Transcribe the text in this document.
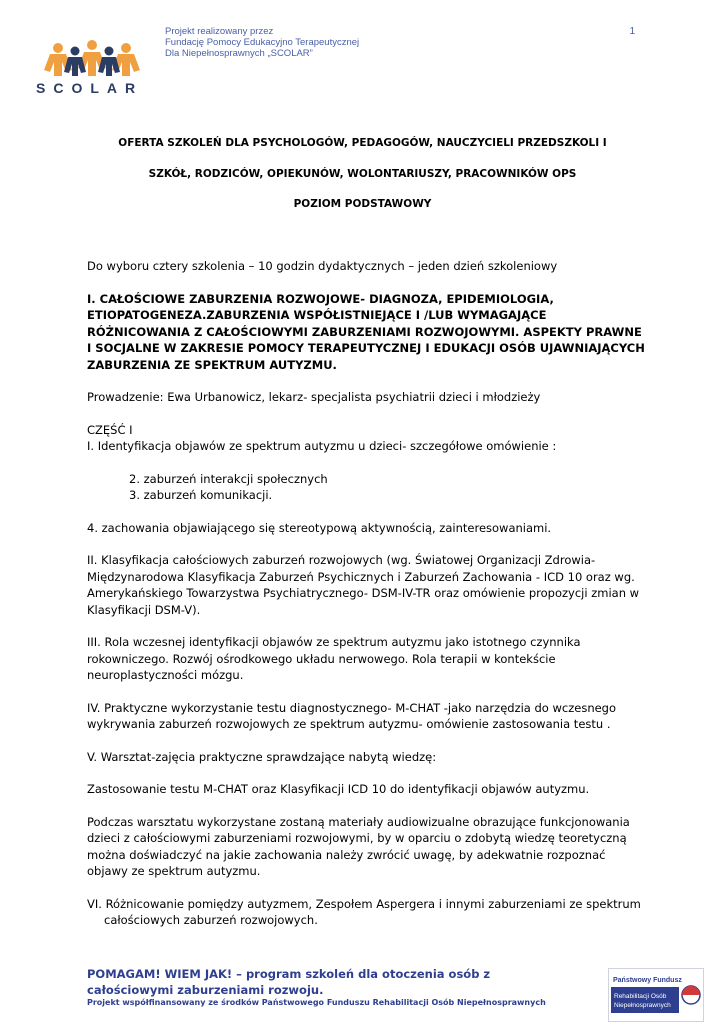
Projekt realizowany przez
Fundację Pomocy Edukacyjno Terapeutycznej
Dla Niepełnosprawnych „SCOLAR”
1
SCOLAR
OFERTA SZKOLEŃ DLA PSYCHOLOGÓW, PEDAGOGÓW, NAUCZYCIELI PRZEDSZKOLI I
SZKÓŁ, RODZICÓW, OPIEKUNÓW, WOLONTARIUSZY, PRACOWNIKÓW OPS
POZIOM PODSTAWOWY

Do wyboru cztery szkolenia – 10 godzin dydaktycznych – jeden dzień szkoleniowy

I. CAŁOŚCIOWE ZABURZENIA ROZWOJOWE- DIAGNOZA, EPIDEMIOLOGIA, ETIOPATOGENEZA.ZABURZENIA WSPÓŁISTNIEJĄCE I /LUB WYMAGAJĄCE RÓŻNICOWANIA Z CAŁOŚCIOWYMI ZABURZENIAMI ROZWOJOWYMI. ASPEKTY PRAWNE I SOCJALNE W ZAKRESIE POMOCY TERAPEUTYCZNEJ I EDUKACJI OSÓB UJAWNIAJĄCYCH ZABURZENIA ZE SPEKTRUM AUTYZMU.

Prowadzenie: Ewa Urbanowicz, lekarz- specjalista psychiatrii dzieci i młodzieży

CZĘŚĆ I

I. Identyfikacja objawów ze spektrum autyzmu u dzieci- szczegółowe omówienie :

2. zaburzeń interakcji społecznych

3. zaburzeń komunikacji.

4. zachowania objawiającego się stereotypową aktywnością, zainteresowaniami.

II. Klasyfikacja całościowych zaburzeń rozwojowych (wg. Światowej Organizacji Zdrowia- Międzynarodowa Klasyfikacja Zaburzeń Psychicznych i Zaburzeń Zachowania - ICD 10 oraz wg. Amerykańskiego Towarzystwa Psychiatrycznego- DSM-IV-TR oraz omówienie propozycji zmian w Klasyfikacji DSM-V).

III. Rola wczesnej identyfikacji objawów ze spektrum autyzmu jako istotnego czynnika rokowniczego. Rozwój ośrodkowego układu nerwowego. Rola terapii w kontekście neuroplastyczności mózgu.

IV. Praktyczne wykorzystanie testu diagnostycznego- M-CHAT -jako narzędzia do wczesnego wykrywania zaburzeń rozwojowych ze spektrum autyzmu- omówienie zastosowania testu .

V. Warsztat-zajęcia praktyczne sprawdzające nabytą wiedzę:

Zastosowanie testu M-CHAT oraz Klasyfikacji ICD 10 do identyfikacji objawów autyzmu.

Podczas warsztatu wykorzystane zostaną materiały audiowizualne obrazujące funkcjonowania dzieci z całościowymi zaburzeniami rozwojowymi, by w oparciu o zdobytą wiedzę teoretyczną można doświadczyć na jakie zachowania należy zwrócić uwagę, by adekwatnie rozpoznać objawy ze spektrum autyzmu.

VI. Różnicowanie pomiędzy autyzmem, Zespołem Aspergera i innymi zaburzeniami ze spektrum całościowych zaburzeń rozwojowych.

POMAGAM! WIEM JAK! – program szkoleń dla otoczenia osób z całościowymi zaburzeniami rozwoju.
Projekt współfinansowany ze środków Państwowego Funduszu Rehabilitacji Osób Niepełnosprawnych
Państwowy Fundusz
Rehabilitacji Osób
Niepełnosprawnych
